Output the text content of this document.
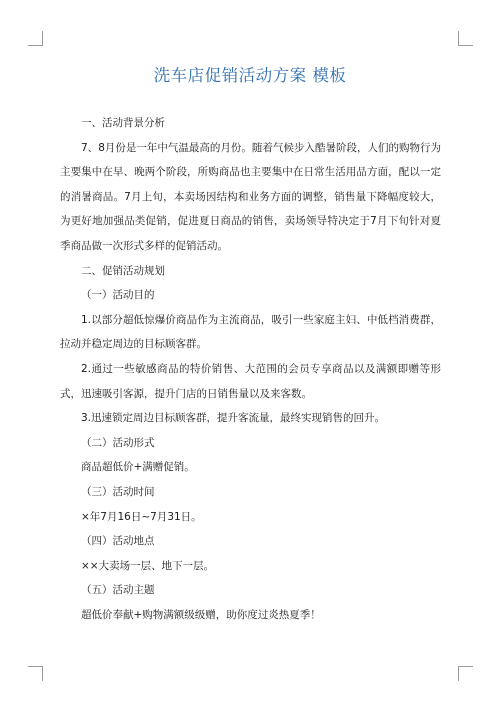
洗车店促销活动方案 模板

一、活动背景分析

7、8月份是一年中气温最高的月份。随着气候步入酷暑阶段，人们的购物行为主要集中在早、晚两个阶段，所购商品也主要集中在日常生活用品方面，配以一定的消暑商品。7月上旬，本卖场因结构和业务方面的调整，销售量下降幅度较大，为更好地加强品类促销，促进夏日商品的销售，卖场领导特决定于7月下旬针对夏季商品做一次形式多样的促销活动。

二、促销活动规划

（一）活动目的

1.以部分超低惊爆价商品作为主流商品，吸引一些家庭主妇、中低档消费群，拉动并稳定周边的目标顾客群。

2.通过一些敏感商品的特价销售、大范围的会员专享商品以及满额即赠等形式，迅速吸引客源，提升门店的日销售量以及来客数。

3.迅速锁定周边目标顾客群，提升客流量，最终实现销售的回升。

（二）活动形式

商品超低价+满赠促销。

（三）活动时间

×年7月16日~7月31日。

（四）活动地点

××大卖场一层、地下一层。

（五）活动主题

超低价奉献+购物满额级级赠，助你度过炎热夏季！
